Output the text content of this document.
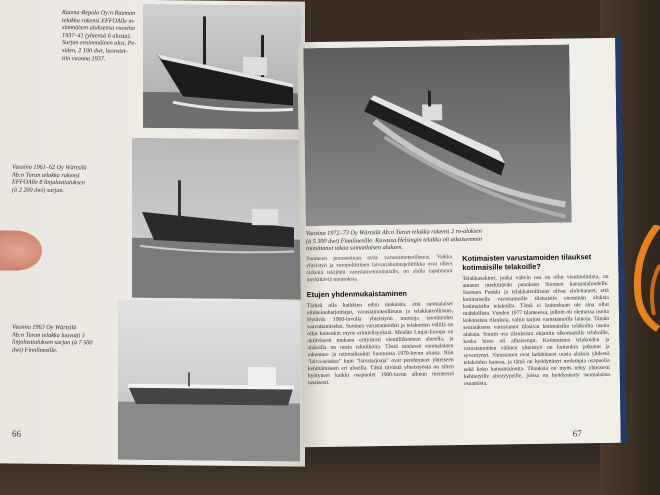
Rauma-Repola Oy:n Rauman
telakka rakensi EFFOAlle m-
simmäisen aluksensa vuosina
1937–41 (yhtensä 6 alusta).
Sarjan ensimmäinen alus, Pe-
siden, 2 100 dwt, luovutet-
tiin vuonna 1937.
Vuosina 1961–62 Oy Wärtsilä
Ab:n Turun telakka rakensi
EFFOAlle 8 linjalastialuksen
(à 2 200 dwt) sarjan.
Vuonna 1963 Oy Wärtsilä
Ab:n Turun telakka luovutti 5
linjalastialuksen sarjan (à 7 500
dwt) Finnlinesille.
66
Vuosina 1972–73 Oy Wärtsilä Ab:n Turun telakka rakensi 2 ro-aluksen
(à 5 300 dwt) Finnlinesille. Kuvassa Helsingin telakka oli aikaisemmin
toimittanut takaa samanlaisen aluksen.
Suomeen perustettuun teräs varustamoteollisuus. Vaikka yhteistyö ja veropoliittinen laivanrahoituspolitiikka ovat olleet tärkeitä tekijöitä varustamotoiminnalle, on alalla tapahtunut merkittäviä muutoksia.
Etujen yhdenmukaistaminen
Tärkeä olla kaikkien edun mukaista, että suomalaiset elinkeinoharjoittajat, varustamoteollisuus ja telakkateollisuus, löytävät 1960-luvulla yhteistyön muotoja tavoitteiden saavuttamiseksi. Suomen varustamoiden ja telakoiden välillä on ollut kuitenkin myös erimielisyyksiä. Meidän Linjat-Europa on aktiivisesti mukana erityisesti vientiliikenteen alueella, ja aluksilla on uusia tekniikoita. Tässä mielessä suomalainen rakennus- ja rationalisointi Suomessa 1970-luvun alussa. Niin "laiva-asiakas" kuin "laivatarjoaja" ovat perehtyneet yhteiseen kehittämiseen eri alueilla. Tästä tiiviistä yhteistyöstä on sitten hyötyneet kaikki osapuolet 1980-luvun alkuun mennessä tasaisesti.
Kotimaisten varustamoiden tilaukset kotimaisille telakoille?
Telakkasektori, jonka vahvin osa on ollut vientitoiminta, on antanut merkittävän panoksen Suomen kansantaloudelle. Suomen Pankki ja telakkateollisuus olivat ehdottaneet, että kotimaiselle varustamoille tilattaisiin enemmän aluksia kotimaisilta telakoilta. Tämä ei kuitenkaan ole aina ollut mahdollista. Vuoden 1977 tilanteessa, jolloin oli olemassa useita kokonaisia tilauksia, valtio tarjosi varustamoille lainoja. Tämän seurauksena varustamot tilasivat kotimaisilta telakoilta useita aluksia. Suurin osa tilauksista ohjattiin ulkomaisille telakoille, koska hinta oli alhaisempi. Kotimaisten telakoiden ja varustamoiden välinen yhteistyö on kuitenkin jatkunut ja syventynyt. Varustamot ovat kehittäneet uusia aluksia yhdessä telakoiden kanssa, ja tämä on hyödyttänyt molempia osapuolia sekä koko kansantaloutta. Tilauksia on myös tehty yhteisesti kehitetyille alustyypeille, joissa on hyödynnetty suomalaista osaamista.
67
